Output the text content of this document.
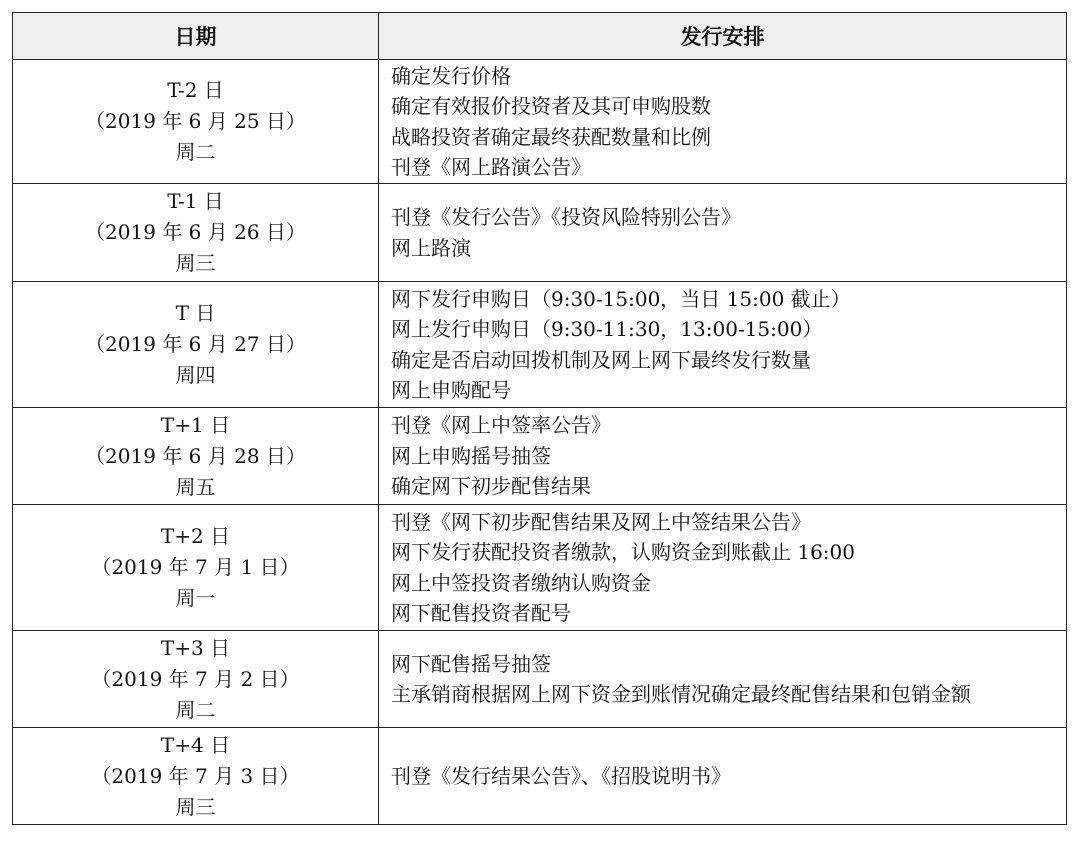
日期	发行安排

T-2 日
（2019 年 6 月 25 日）
周二	确定发行价格
确定有效报价投资者及其可申购股数
战略投资者确定最终获配数量和比例
刊登《网上路演公告》

T-1 日
（2019 年 6 月 26 日）
周三	刊登《发行公告》《投资风险特别公告》
网上路演

T 日
（2019 年 6 月 27 日）
周四	网下发行申购日（9:30-15:00，当日 15:00 截止）
网上发行申购日（9:30-11:30，13:00-15:00）
确定是否启动回拨机制及网上网下最终发行数量
网上申购配号

T+1 日
（2019 年 6 月 28 日）
周五	刊登《网上中签率公告》
网上申购摇号抽签
确定网下初步配售结果

T+2 日
（2019 年 7 月 1 日）
周一	刊登《网下初步配售结果及网上中签结果公告》
网下发行获配投资者缴款，认购资金到账截止 16:00
网上中签投资者缴纳认购资金
网下配售投资者配号

T+3 日
（2019 年 7 月 2 日）
周二	网下配售摇号抽签
主承销商根据网上网下资金到账情况确定最终配售结果和包销金额

T+4 日
（2019 年 7 月 3 日）
周三	刊登《发行结果公告》、《招股说明书》
